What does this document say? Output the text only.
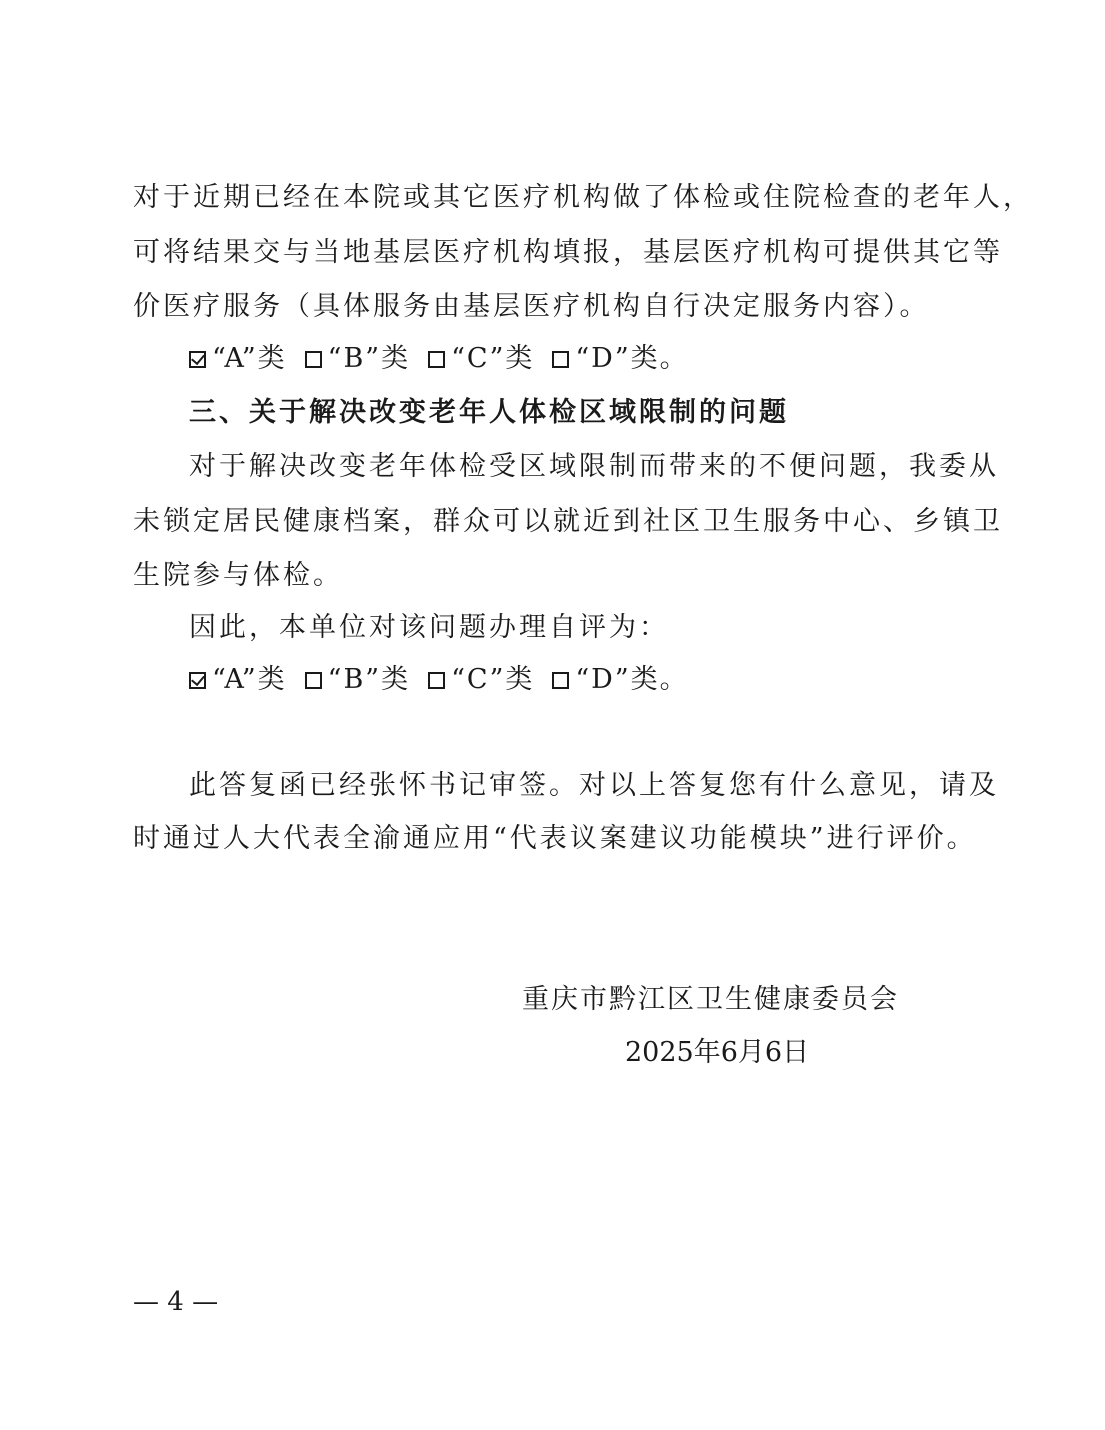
对于近期已经在本院或其它医疗机构做了体检或住院检查的老年人，
可将结果交与当地基层医疗机构填报，基层医疗机构可提供其它等
价医疗服务（具体服务由基层医疗机构自行决定服务内容）。
“A”类 “B”类 “C”类 “D”类。
三、关于解决改变老年人体检区域限制的问题
对于解决改变老年体检受区域限制而带来的不便问题，我委从
未锁定居民健康档案，群众可以就近到社区卫生服务中心、乡镇卫
生院参与体检。
因此，本单位对该问题办理自评为：
“A”类 “B”类 “C”类 “D”类。
此答复函已经张怀书记审签。对以上答复您有什么意见，请及
时通过人大代表全渝通应用“代表议案建议功能模块”进行评价。
重庆市黔江区卫生健康委员会
2025年6月6日
— 4 —
